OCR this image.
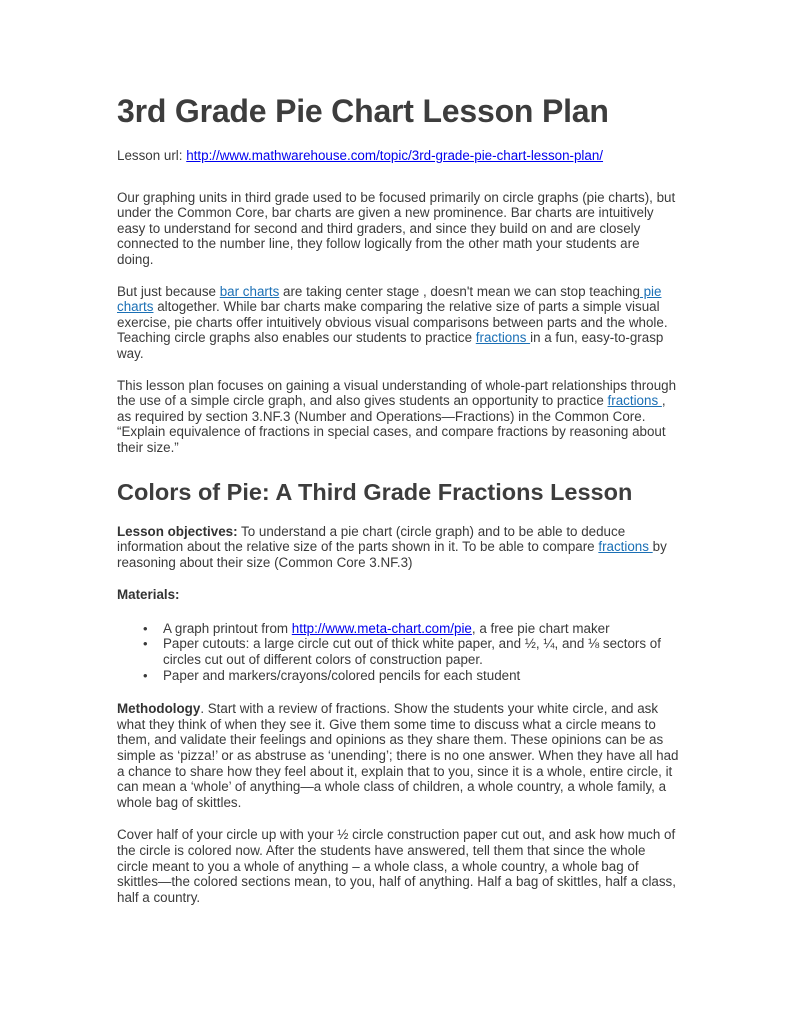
3rd Grade Pie Chart Lesson Plan

Lesson url: http://www.mathwarehouse.com/topic/3rd-grade-pie-chart-lesson-plan/

Our graphing units in third grade used to be focused primarily on circle graphs (pie charts), but under the Common Core, bar charts are given a new prominence. Bar charts are intuitively easy to understand for second and third graders, and since they build on and are closely connected to the number line, they follow logically from the other math your students are doing.

But just because bar charts are taking center stage , doesn't mean we can stop teaching pie charts altogether. While bar charts make comparing the relative size of parts a simple visual exercise, pie charts offer intuitively obvious visual comparisons between parts and the whole. Teaching circle graphs also enables our students to practice fractions in a fun, easy-to-grasp way.

This lesson plan focuses on gaining a visual understanding of whole-part relationships through the use of a simple circle graph, and also gives students an opportunity to practice fractions , as required by section 3.NF.3 (Number and Operations—Fractions) in the Common Core. “Explain equivalence of fractions in special cases, and compare fractions by reasoning about their size.”

Colors of Pie: A Third Grade Fractions Lesson

Lesson objectives: To understand a pie chart (circle graph) and to be able to deduce information about the relative size of the parts shown in it. To be able to compare fractions by reasoning about their size (Common Core 3.NF.3)

Materials:

• A graph printout from http://www.meta-chart.com/pie, a free pie chart maker
• Paper cutouts: a large circle cut out of thick white paper, and ½, ¼, and ⅛ sectors of circles cut out of different colors of construction paper.
• Paper and markers/crayons/colored pencils for each student

Methodology. Start with a review of fractions. Show the students your white circle, and ask what they think of when they see it. Give them some time to discuss what a circle means to them, and validate their feelings and opinions as they share them. These opinions can be as simple as ‘pizza!’ or as abstruse as ‘unending’; there is no one answer. When they have all had a chance to share how they feel about it, explain that to you, since it is a whole, entire circle, it can mean a ‘whole’ of anything—a whole class of children, a whole country, a whole family, a whole bag of skittles.

Cover half of your circle up with your ½ circle construction paper cut out, and ask how much of the circle is colored now. After the students have answered, tell them that since the whole circle meant to you a whole of anything – a whole class, a whole country, a whole bag of skittles—the colored sections mean, to you, half of anything. Half a bag of skittles, half a class, half a country.
